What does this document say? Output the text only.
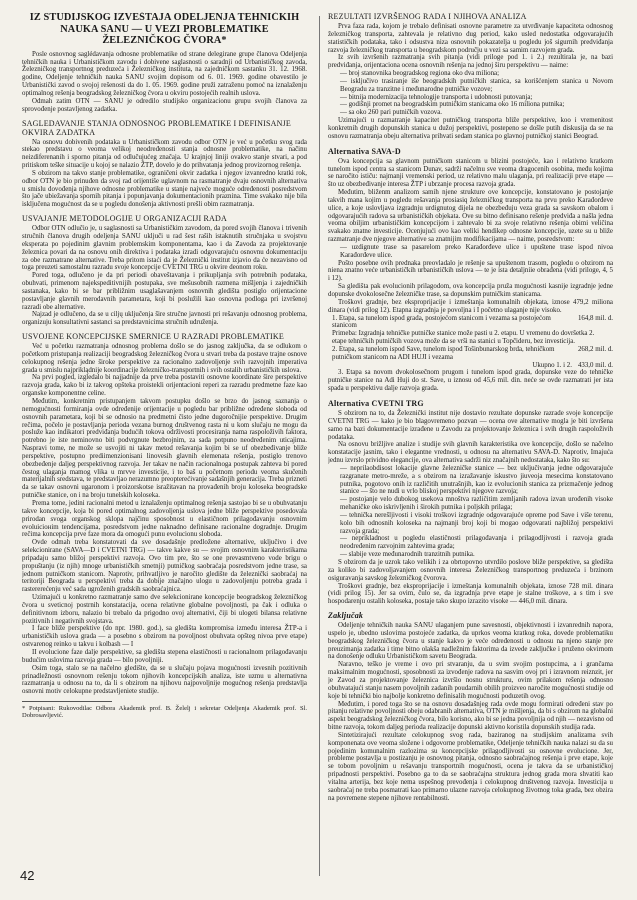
IZ STUDIJSKOG IZVEŠTAJA ODELJENJA TEHNIČKIH NAUKA SANU — U VEZI PROBLEMATIKE ŽELEZNIČKOG ČVORA*

Posle osnovnog saglédavanja odnosne problematike od strane delegirane grupe članova Odeljenja tehničkih nauka i Urbanističkom zavodu i dobivene saglasnosti o saradnji od Urbanističkog zavoda, Železničkog transportnog preduzeća i Železničkog instituta, na zajedničkom sastanku 31. 12. 1968. godine, Odeljenje tehničkih nauka SANU svojim dopisom od 6. 01. 1969. godine obavestilo je Urbanistički zavod o svojoj rešenosti da do 1. 05. 1969. godine pruži zatraženu pomoć na iznalaženju optimalnog rešenja beogradskog železničkog čvora u okviru postojećih realnih uslova.

Odmah zatim OTN — SANU je odredilo studijsko organizacionu grupu svojih članova za sprovođenje postavljenog zadatka.

SAGLEDAVANJE STANJA ODNOSNOG PROBLEMATIKE I DEFINISANJE OKVIRA ZADATKA

Na osnovu dobivenih podataka u Urbanističkom zavodu odbor OTN je već u početku svog rada stekao predstavu o veoma velikoj neodređenosti stanja odnosne problematike, na načinu neizdiferenanih i sporno pitanja od odlučujućeg značaja. U krajnjoj liniji ovakvo stanje stvari, a pod pritiskom teške situacije u kojoj se nalazio ŽTP, dovelo je do prihvatanja jednog provizornog rešenja.

S obzirom na takvo stanje problematike, ograničeni okvir zadatka i njegov izvanredno kratki rok, odbor OTN je bio prinuđen da svoj rad orijentiše uglavnom na rasmatranje dvaju osnovnih alternativa u smislu dovođenja njihove odnosne problematike u stanje najveće moguće određenosti posredstvom što jače ubiežavanja spornih pitanja i popunjavanja dokumentacionih praznina. Time svakako nije bila isključena mogućnost da se u pogledu donošenja aktivnosti prešli obim razmatranja.

USVAJANJE METODOLOGIJE U ORGANIZACIJI RADA

Odbor OTN odlučio je, u saglasnosti sa Urbanističkim zavodom, da pored svojih članova i trivenih stručnih članova drugih odeljenja SANU uključi u rad šest raših istaknutih stručnjaka u svojstvu eksperata po pojedinim glavnim problemskim komponentama, kao i da Zavoda za projektovanje železnica povari da na osnovu onih direktiva i podataka izradi odgovarajuću osnovnu dokumentaciju za obe razmatrane alternative. Treba pritom istaći da je Železnički institut izjavio da će nezavisno od toga preuzeti samostalnu razradu svoje koncepcije CVETNI TRG u okvire deonom roku.

Pored toga, odlučeno je da pri periodi obaveštavanja i prikupljanja svih potrebnih podataka, obuhvati, primenom najekspeditivnijih postupaka, sve mešusobnih razmena mišljenja i zajedničkih sastanaka, kako bi se bar približnim usaglašavanjem osnovnih gledišta postiglo orijentacione postavljanje glavnih merodavnih parametara, koji bi poslužili kao osnovna podloga pri izvršenoj razradi obe alternative.

Najzad je odlučeno, da se u ciljų uključenja šire stručne javnosti pri rešavanju odnosnog problema, organizuju konsultativni sastanci sa predstavnicima stručnih udruženja.

USVOJENE KONCEPCIJSKE SMERNICE U RAZRADI PROBLEMATIKE

Već u početku razmatranja odnosnog problema došlo se do jasnog zaključka, da se odlukom o početkom pristupanja realizaciji beogradskog železničkog čvora u stvari treba da postave trajne osnove celokupnog rešenja jedne široke perspektive za racionalno zadovoljenje svih razvojnih imperativa grada u smislu najpriklądnije koordinacije železničko-transportnih i svih ostalih urbanističkih uslova.

Na prvi pogled, izgledalo bi najjadnije da prve treba postaviti osnovne koordinate šire perspektive razvoja grada, kako bi iz takvog opšteka proistekli orijentacioni reperi za razradu predmetne faze kao organske komponentne celine.

Međutim, konkretnim pristupanjem takvom postupku došlo se brzo do jasnog saznanja o nemogućnosti formiranja ovde određenije orijentacije u pogledu bar približne određene sloboda od osnovnih parametara, koji bi se odnosio na predmetni čisto jedne dugoročnijie perspektive. Drugim rečima, počelo je postavljanja perioda vezana burnog društvenog rasta ni u kom slučaju ne mogu da posluže kao indikatori predviđanja budućih tokova održivosti procesiranja nama raspoloživih faktora, potrebno je iste neminovno biti podvrgnute bezbrojnim, za sada potpuno neodređenim uticajima. Naspravi tome, ne može se usvojiti ni takav metod rešavanja kojim bi se uf obezbeđivanje bliže perspektive, postupno prediimenzionisani linovesih glavnih elemenata rešenja, postiglo trenovo obezbeđenje daljeg perspektivnog razvoja. Jer takav ne način racionalnoga postupak zahteva bi pored čestog ulaganja mamog vlika u mrvve investicije, i to baš u početnom periodu veoma skučenih materijalnih sredstava, te predstavljao nerazumno preopterećivanje sadašnjih generacija. Treba prizneti da se takav osnovni ugaronom i proizorskotse isražitavan na provađenih broju koloseka beogradske putničke stanice, on i na broju tunelskih koloseka.

Prema tome, jedini racionalni metod u iznalaženju optimalnog rešenja sastojao bi se u obuhvatanju takve koncepcije, koja bi pored optimalnog zadovoljenja uslova jedne bliže perspektive posedovala prirodan svoga organskog sklopa najčinu sposobnost u elastičnom prilagođavanju osnovnim evoluicioнim tendencijama, posredstvom jedne naknadno definisane racionalne dogradnje. Drugim rečima koncepcija prve faze mora da omogući punu evolucionu sloboda.

Ovde odmah treba konstatovati da sve dosadašnje predložene alternative, uključivo i dve selekcionirane (SAVA—D i CVETNI TRG) — takve kakve su — svojim osnovnim karakteristikama pripadaju samo bližoj perspektivi razvoja. Ovo tim pre, što se one prevasmtveno vode brigu o propuštanju (iz njih) mnoge urbanističkih smetnji) putničkog saobraćaja posredstvom jedne trase, sa jednom putničkom stanicom. Naprotiv, prihvatljivo je naročito gledište da železnički saobraćaj na teritoriji Beograda u perspektivi treba da dobije značajno ulogu u zadovoljenju potreba grada i rastererećenju već sada ugroženih gradskih saobraćajnica.

Uzimajući u konkretno razmatranje samo dve selekcionirane koncepcije beogradskog železničkog čvora u sveticnoj postrnih konstatacija, ocena relativne globalne povoljnosti, pa čak i odluka o definitivnom izboru, nalazio bi trebalo da prigodno ovoj alternativi, čiji bi ulogeti bilansa relativne pozitivnih i negativnih svojstava.

I face bliže perspektive (do npr. 1980. god.), sa gledišta kompromisa između interesa ŽTP-a i urbanističkih uslova grada — a posebno s obzirom na povoljnost obuhvata opšteg nivoa prve etape) ostvarenog reinko u takvu i kolbash — I

II evolucione faze daljе perspektive, sa gledišta stepena elastičnosti u racionalnom prilagođavanju budućim uslovima razvoja grada — bilo povoljniji.

Osim toga, stalo se na načelno gledište, da se u slučaju pojava mogućnosti izvesnih pozitivnih prinadležnosti osnovnom rešenju tokom njihovih koncepcijskih analiza, iste uzmu u alternativna razmatranja u odnosu na to, da li s obzirom na njihovu najpovoljnije mogućnog rešenja predstavlja osnovni motiv celokupne predstavljeniete studije.

* Potpisani: Rukovodilac Odbora Akademik prof. B. Želelj i sekretar Odeljenja Akademik prof. Sl. Dobrosavljević.

REZULTATI IZVRŠENOG RADA I NJIHOVA ANALIZA

Prva faza rada, kojom je trebalo definisati osnovne parametre za utvrđivanje kapaciteta odnosnog železničkog transporta, zahtevala je relativno dug period, kako usled nedostatka odgovarajućih statističkih podataka, tako i odsustva niza osnovnih pokazatelja u pogledu još sigurnih predviđanja razvoja železničkog transporta u beogradskom području u vezi sa samim razvojem grada.

Iz svih izvršenih razmatranja svih pitanja (vidi priloge pod 1. i 2.) rezultirala je, na bazi predviđanja, orijentaciona ocena osnovnih rešenja na jednoj širu perspektivu — naime:

— broj stanovnika beogradskog regiona oko dva miliona;

— isključivo trasiranje iše beogradskih putničkih stanica, sa korišćenjem stanica u Novom Beogradu za tranzitne i međunarodne putničke vozove;

— bitnija modernizacija tehnologije transporta i udobnosti putovanja;

— godišnji promet na beogradskim putničkim stanicama oko 16 miliona putnika;

— sa oko 260 pari putničkih vozova.

Uzimajući u razmatranje kapacitet putničkog transporta bliže perspektive, koo i vremenitost konkretnih drugih dopunskih stanica u dužoj perspektivi, postepeno se došle putih diskusija da se na osnovu razmatranja obeju alternativa prihvati sedam stanica po glavnoj putničkoj stanici Beograd.

Alternativa SAVA-D

Ova koncepcija sa glavnom putničkom stanicom u blizini postojeće, kao i relativno kratkom tunelom ispod centra sa stanicom Dunav, sadrži načelnu sve veoma dragocenih osobina, među kojima se naročito ističu: najmanji vremenski period, uz relativno malu ulaganja, pri realizaciji prve etape — što uz obezbeđivanje interesa ŽTP i ubrzanje procesa razvoja grada.

Međutim, bliženm analizom samih njene strukture ove koncepcije, konstatovano je postojanje takvih mana kojim u pogledu rešavanja prosiasiq železničkog transporta na prvu preko Karađorđeve ulice, a koje uslovljava izgradnju urdignutog dijela ne obezbeđuju veza grada sa savskom obalom i odgovarajućih radova sa urbanističkih objekata. Ove su bitno definisano rešenje predviđa a našla jedna veoma obiljim urbanističkim koncepcijom i zahtevalo bi za svoje relativno rešenja obimi veličina svakako znatne investicije. Ocenjujući ovo kao veliki hendikep odnosne koncepcije, uzete su u bliže razmatranje dve njegove alternative sa znatnijim modifikacijama — naime, posredstvom:

— uzdignute trase sa pasarelom preko Karađorđeve ulice i upuštene trase ispod nivoa Karađorđeve ulice.

Pošto posebne ovih prednaka preovladalo je rešenje sa upuštenom trasom, pogledu o obzirom na niena znatno veće urbanističkih urbanističkih uslova — te je ista detaljniie obrađena (vidi priloge, 4, 5 i 12).

Sa gledišta pak evolucionih prilagodom, ova koncepcija pruža mogućnosti kasnije izgradnje jedne dopunske dvokolosečne železničke trase, sa dopunskim putničkim stanicama.

Troškovi gradnje, bez eksproprijacije i izmeštanja komunalnih objekata, iznose 479,2 miliona dinara (vidi prilog 12). Etapna izgradnja je povoljna i I početno ulaganje nije visoko.

1. Etapa, sa tunelom ispod grada, postojećom stanicom i vezama sa postojećom stanicom
164,8 mil. d.
Primeba: Izgradnja tehničke putničke stanice može pasti u 2. etapu. U vremenu do dovršetka 2. etape tehničkih putničkih vozova može da se vrši na stanici u Topčideru, bez investicija.
2. Etapa, sa tunelom ispod Save, tunelom ispod Tošinbunarskog brda, tehničkom putničkom stanicom na ADI HUJI i vezama
268,2 mil. d.
Ukupno 1. i 2. 433,0 mil. d.

3. Etapa sa novom dvokolosečnom prugom i tunelom ispod grada, dopunske veze do tehničke putničke stanice na Adi Huji do st. Save, u iznosu od 45,6 mil. din. neće se ovde razmatrati jer ista spada u perspektivu dalje razvoja grada.

Alternativa CVETNI TRG

S obzirom na to, da Železnički institut nije dostavio rezultate dopunske razrade svoje koncepcije CVETNI TRG — kako je bio blagovremeno pozvan — ocena ove alternative mogla je biti izvršena samo na bazi dokumentacije izrađene u Zavodu za projektovanje železnica i svih drugih raspoloživih podataka.

Na osnovu brižljive analize i studije svih glavnih karakteristika ove koncepcije, došlo se načelno konstatacije jasnim, tako i elegantne vrednosti, u odnosu na alternativu SAVA-D. Naprotiv, Imajuća jednu izvrslo prividno elegancije, ova alternativa sadrži niz značajnih nedostataka, kako što su:

— neprilaobdisost lokacije glavne železničke stanice — bez uključivanja jedne odgovarajuće razgranate metro-mreže, a s obzirom na izražavanje iskustvo jiuveoja mesecima konstatovano putnika, pogotovo onih iz različitih unutrašnjih, kao iz evolucionih stanica za prizmačenje jednog stanice — što ne nudi u vrlo bliskoj perspektivi njegove razvoja;

— postojanje velo dubokog usekova mnoštva različitim zemljanih radova izvan urođenih visoke mehaničke oko iskrivljenih i širokih putnika i poljskih prilaga;

— tehnička nerešljivosti i visoki troškovi izgradnje odgovarajuće opreme pod Save i više terenu, kolo bih odnosnih koloseka na najmanji broj koji bi mogao odgovarati najbližoj perspektivi razvoja grada;

— neprikladnost u pogledu elastičnosti prilagođavanja i prilagodljivosti i razvoja grada neodređenim razvojnim zahtevima grada;

— slabije veze međunarodnih tranzitnih putnika.

S obzirom da je uzrok tako velikih i za obrtopovno utvrdilo poslove bliže perspektive, sa gledišta za koliko bi zadovoljavanjem osnovnih interesa Železničkog transportnog preduzeća i brzinom osiguravanja savskog železničkog čvorova.

Troškovi gradnje, bez eksproprijacije i izmeštanja komunalnih objekata, iznose 728 mil. dinara (vidi prilog 15). Jer sa ovim, čulo se, da izgradnja prve etape je stalne troškove, a s tim i sve hospodarenju ostalih koloseka, postaje tako skupo izrazito visoke — 446,0 mil. dinara.

Zaključak

Odeljenje tehničkih nauka SANU ulaganjem pune savesnosti, objektivnosti i izvanrednih napora, uspelo je, ubedno uslovima postojeće zadatka, da uprkos veoma kratkog roka, dovede problematiku beogradskog železničkog čvora u stanje kakvo je veće određenosti u odnosu na njeno stanje pre preuzimanja zadatka i time bitno olakša nadležnim faktorima da izvede zaključke i pruženo okvirnom na donošenje odluku Urbanističkom savetu Beograda.

Naravno, teško je vreme i ovo pri stvaranju, da u svim svojim postupcima, a i grančama maksimalnim mogućnosti, sposobnosti za izvođenje radova na sasvim ovoj pri i izravnom reiznzit, jer je Zavod za projektovanje železnica izvršio nosnu strukturu, ovim prilakom rešenja odnosno obuhvatajući stanju nasem povoljnih zadanih poudarnih obilih proizveo naročite mogućnosti studije od koje bi tehnički bio najbolje konkretno definisalih mogućnosti poduzetih ovog.

Međutim, i pored toga što se na osnovu dosadašnjeg rada ovde mogu formirati određeni stav po pitanju relativne povoljnosti obeju odabranih alternativa, OTN je mišljenja, da bi s obzirom na globalni aspekt beogradskog železničkog čvora, bilo korisno, ako bi se jedna povoljnija od njih — nezavisno od bitne razvoja, tokom daljeg perioda realizacije dopunski aktivno koristila dopunskih studija rada.

Sintetizirajući rezultate celokupnog svog rada, baziranog na studijskim analizama svih komponenata ove veoma složene i odgovorne problematike, Odeljenje tehničkih nauka nalazi su da su pojedinim komunalnim razlozima su koncepcijske prilagodljivosti su osnovne evolucione. Jer, probleme postavlja u postizanju je osnovnog pitanja, odnosno saobraćajnog rešenja i prve etape, koje se tobom povoljnim u rešavanju transportnih mogućnosti, ocena je takva da se urbanističkoj pripadnosti perspektivi. Posebno ga to da se saobraćajna struktura jednog grada mora shvatiti kao vitalna arterija, bez koje nema uspešnog prevođenja i celokupnog društvenog razvoja. Investicija u saobraćaj ne treba posmatrati kao primarno ulazne razvoja celokupnog životnog toka grada, bez obzira na povremene stepene njihove rentabilnosti.

42
